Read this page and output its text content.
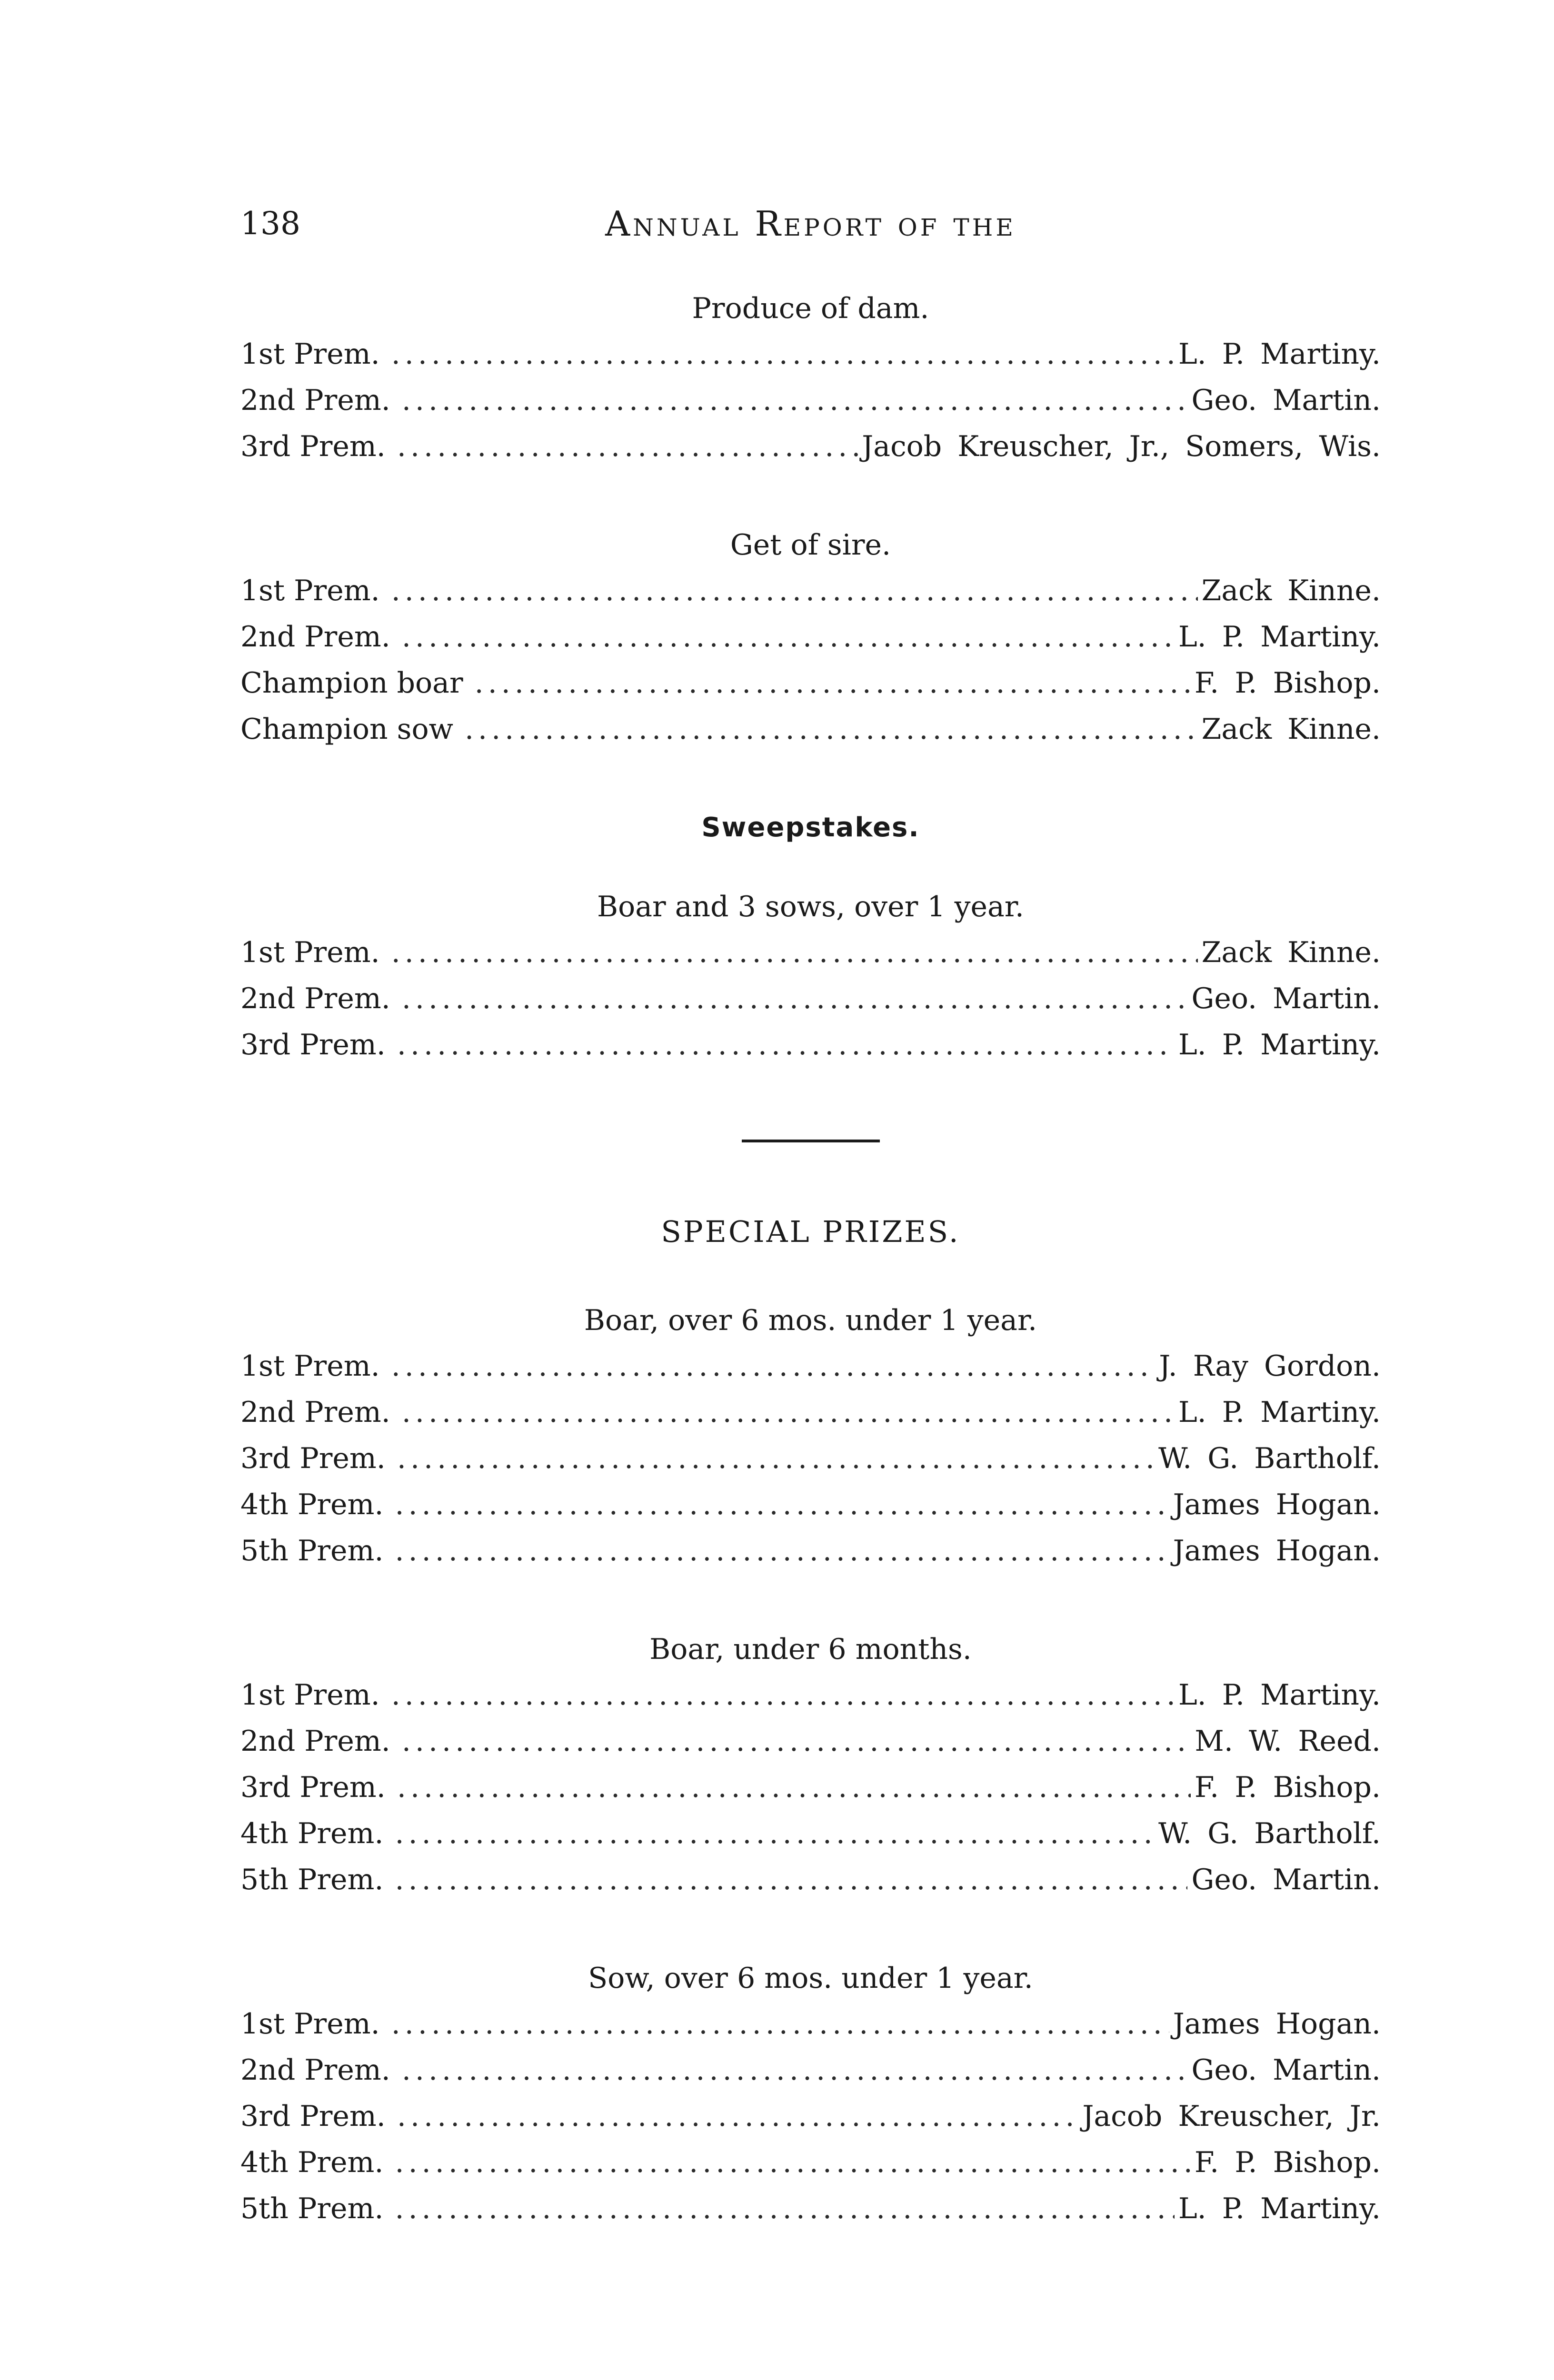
138	Annual Report of the
Produce of dam.
1st Prem. .....	L. P. Martiny.
2nd Prem. .....	Geo. Martin.
3rd Prem. .....	Jacob Kreuscher, Jr., Somers, Wis.
Get of sire.
1st Prem. .....	Zack Kinne.
2nd Prem. .....	L. P. Martiny.
Champion boar .....	F. P. Bishop.
Champion sow .....	Zack Kinne.
Sweepstakes.
Boar and 3 sows, over 1 year.
1st Prem. .....	Zack Kinne.
2nd Prem. .....	Geo. Martin.
3rd Prem. .....	L. P. Martiny.
SPECIAL PRIZES.
Boar, over 6 mos. under 1 year.
1st Prem. .....	J. Ray Gordon.
2nd Prem. .....	L. P. Martiny.
3rd Prem. .....	W. G. Bartholf.
4th Prem. .....	James Hogan.
5th Prem. .....	James Hogan.
Boar, under 6 months.
1st Prem. .....	L. P. Martiny.
2nd Prem. .....	M. W. Reed.
3rd Prem. .....	F. P. Bishop.
4th Prem. .....	W. G. Bartholf.
5th Prem. .....	Geo. Martin.
Sow, over 6 mos. under 1 year.
1st Prem. .....	James Hogan.
2nd Prem. .....	Geo. Martin.
3rd Prem. .....	Jacob Kreuscher, Jr.
4th Prem. .....	F. P. Bishop.
5th Prem. .....	L. P. Martiny.
